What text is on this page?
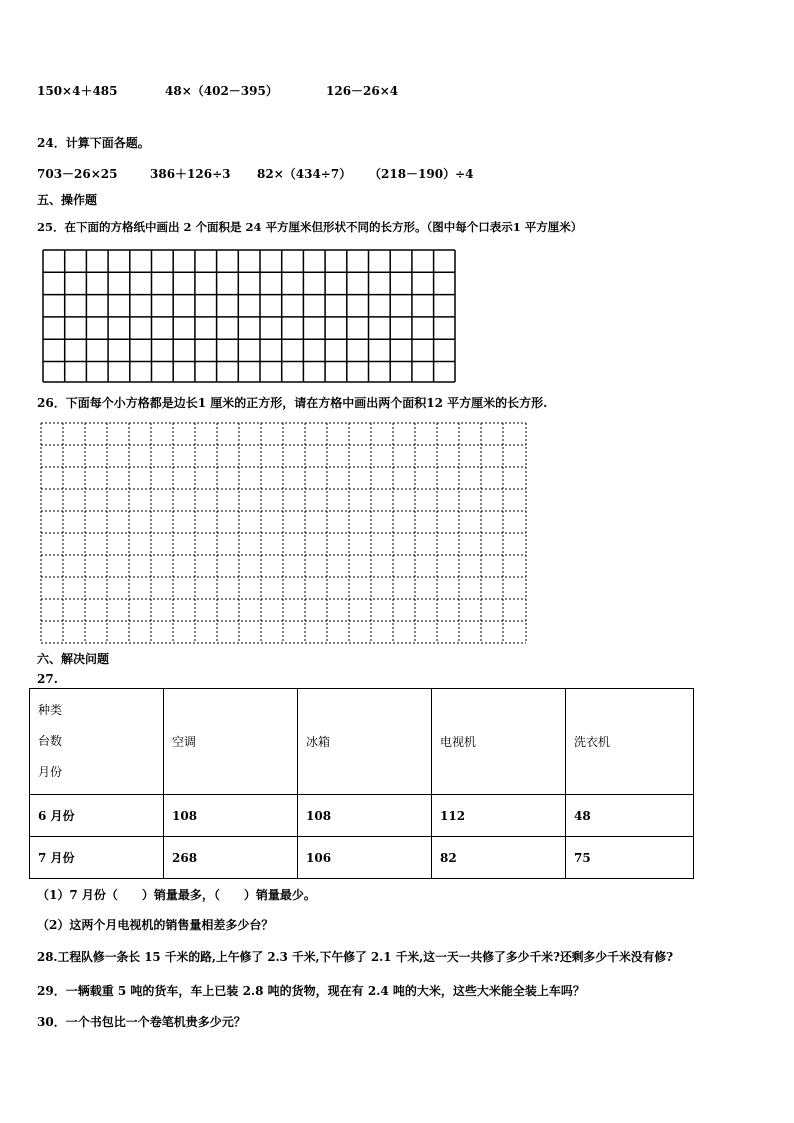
150×4＋485	48×（402－395）	126－26×4
24．计算下面各题。
703－26×25	386＋126÷3 82×（434÷7） （218－190）÷4
五、操作题
25．在下面的方格纸中画出 2 个面积是 24 平方厘米但形状不同的长方形。（图中每个口表示1 平方厘米）
26．下面每个小方格都是边长1 厘米的正方形，请在方格中画出两个面积12 平方厘米的长方形.
六、解决问题
27.
种类
台数
月份	空调	冰箱	电视机	洗衣机
6 月份	108	108	112	48
7 月份	268	106	82	75
（1）7 月份（　　）销量最多，（　　）销量最少。
（2）这两个月电视机的销售量相差多少台？
28.工程队修一条长 15 千米的路,上午修了 2.3 千米,下午修了 2.1 千米,这一天一共修了多少千米?还剩多少千米没有修?
29．一辆载重 5 吨的货车，车上已装 2.8 吨的货物，现在有 2.4 吨的大米，这些大米能全装上车吗？
30．一个书包比一个卷笔机贵多少元？
